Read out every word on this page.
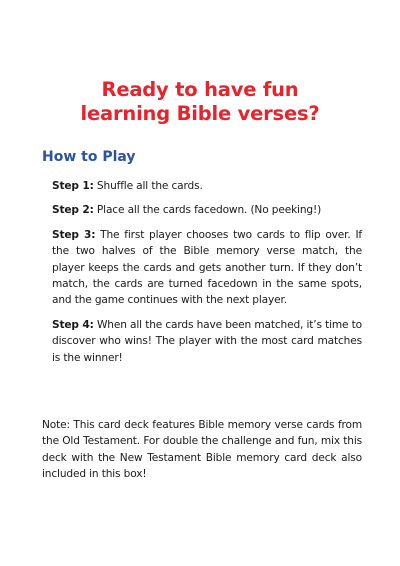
Ready to have fun
learning Bible verses?
How to Play

Step 1: Shuffle all the cards.

Step 2: Place all the cards facedown. (No peeking!)

Step 3: The first player chooses two cards to flip over. If the two halves of the Bible memory verse match, the player keeps the cards and gets another turn. If they don’t match, the cards are turned facedown in the same spots, and the game continues with the next player.

Step 4: When all the cards have been matched, it’s time to discover who wins! The player with the most card matches is the winner!

Note: This card deck features Bible memory verse cards from the Old Testament. For double the challenge and fun, mix this deck with the New Testament Bible memory card deck also included in this box!
